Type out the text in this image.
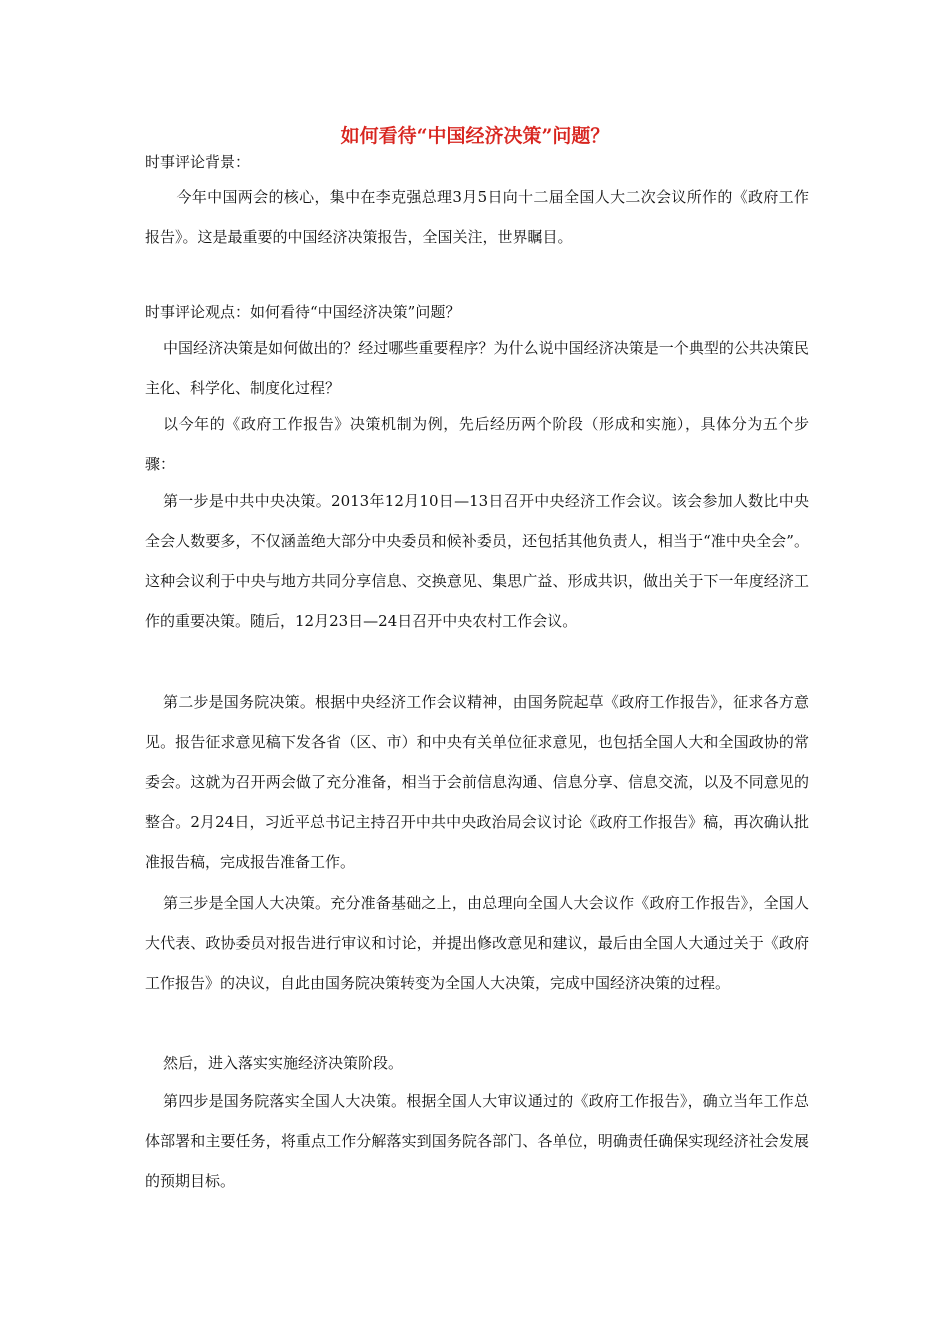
如何看待“中国经济决策”问题？
时事评论背景：
今年中国两会的核心，集中在李克强总理3月5日向十二届全国人大二次会议所作的《政府工作报告》。这是最重要的中国经济决策报告，全国关注，世界瞩目。
时事评论观点：如何看待“中国经济决策”问题？
中国经济决策是如何做出的？经过哪些重要程序？为什么说中国经济决策是一个典型的公共决策民主化、科学化、制度化过程？
以今年的《政府工作报告》决策机制为例，先后经历两个阶段（形成和实施），具体分为五个步骤：
第一步是中共中央决策。2013年12月10日—13日召开中央经济工作会议。该会参加人数比中央全会人数要多，不仅涵盖绝大部分中央委员和候补委员，还包括其他负责人，相当于“准中央全会”。这种会议利于中央与地方共同分享信息、交换意见、集思广益、形成共识，做出关于下一年度经济工作的重要决策。随后，12月23日—24日召开中央农村工作会议。
第二步是国务院决策。根据中央经济工作会议精神，由国务院起草《政府工作报告》，征求各方意见。报告征求意见稿下发各省（区、市）和中央有关单位征求意见，也包括全国人大和全国政协的常委会。这就为召开两会做了充分准备，相当于会前信息沟通、信息分享、信息交流，以及不同意见的整合。2月24日，习近平总书记主持召开中共中央政治局会议讨论《政府工作报告》稿，再次确认批准报告稿，完成报告准备工作。
第三步是全国人大决策。充分准备基础之上，由总理向全国人大会议作《政府工作报告》，全国人大代表、政协委员对报告进行审议和讨论，并提出修改意见和建议，最后由全国人大通过关于《政府工作报告》的决议，自此由国务院决策转变为全国人大决策，完成中国经济决策的过程。
然后，进入落实实施经济决策阶段。
第四步是国务院落实全国人大决策。根据全国人大审议通过的《政府工作报告》，确立当年工作总体部署和主要任务，将重点工作分解落实到国务院各部门、各单位，明确责任确保实现经济社会发展的预期目标。
